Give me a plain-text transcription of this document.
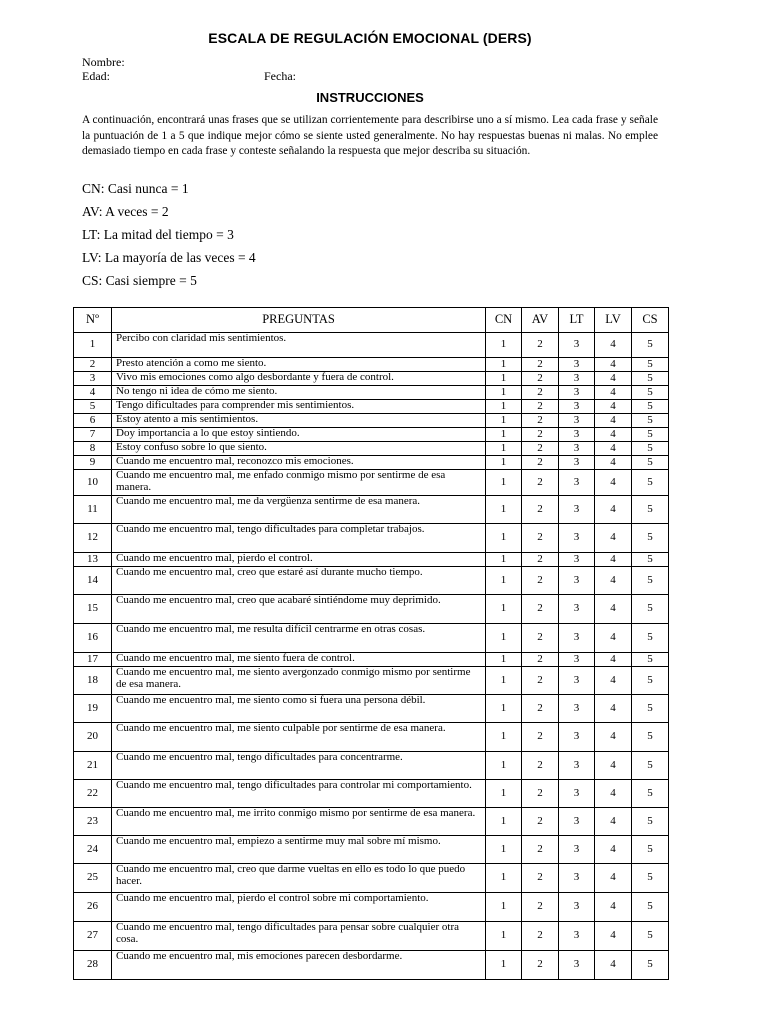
ESCALA DE REGULACIÓN EMOCIONAL (DERS)
Nombre:
Edad:	Fecha:
INSTRUCCIONES

A continuación, encontrará unas frases que se utilizan corrientemente para describirse uno a sí mismo. Lea cada frase y señale la puntuación de 1 a 5 que indique mejor cómo se siente usted generalmente. No hay respuestas buenas ni malas. No emplee demasiado tiempo en cada frase y conteste señalando la respuesta que mejor describa su situación.

CN: Casi nunca = 1
AV: A veces = 2
LT: La mitad del tiempo = 3
LV: La mayoría de las veces = 4
CS: Casi siempre = 5
Nº	PREGUNTAS	CN	AV	LT	LV	CS
1	Percibo con claridad mis sentimientos.	1	2	3	4	5
2	Presto atención a como me siento.	1	2	3	4	5
3	Vivo mis emociones como algo desbordante y fuera de control.	1	2	3	4	5
4	No tengo ni idea de cómo me siento.	1	2	3	4	5
5	Tengo dificultades para comprender mis sentimientos.	1	2	3	4	5
6	Estoy atento a mis sentimientos.	1	2	3	4	5
7	Doy importancia a lo que estoy sintiendo.	1	2	3	4	5
8	Estoy confuso sobre lo que siento.	1	2	3	4	5
9	Cuando me encuentro mal, reconozco mis emociones.	1	2	3	4	5
10	Cuando me encuentro mal, me enfado conmigo mismo por sentirme de esa manera.	1	2	3	4	5
11	Cuando me encuentro mal, me da vergüenza sentirme de esa manera.	1	2	3	4	5
12	Cuando me encuentro mal, tengo dificultades para completar trabajos.	1	2	3	4	5
13	Cuando me encuentro mal, pierdo el control.	1	2	3	4	5
14	Cuando me encuentro mal, creo que estaré así durante mucho tiempo.	1	2	3	4	5
15	Cuando me encuentro mal, creo que acabaré sintiéndome muy deprimido.	1	2	3	4	5
16	Cuando me encuentro mal, me resulta difícil centrarme en otras cosas.	1	2	3	4	5
17	Cuando me encuentro mal, me siento fuera de control.	1	2	3	4	5
18	Cuando me encuentro mal, me siento avergonzado conmigo mismo por sentirme de esa manera.	1	2	3	4	5
19	Cuando me encuentro mal, me siento como si fuera una persona débil.	1	2	3	4	5
20	Cuando me encuentro mal, me siento culpable por sentirme de esa manera.	1	2	3	4	5
21	Cuando me encuentro mal, tengo dificultades para concentrarme.	1	2	3	4	5
22	Cuando me encuentro mal, tengo dificultades para controlar mi comportamiento.	1	2	3	4	5
23	Cuando me encuentro mal, me irrito conmigo mismo por sentirme de esa manera.	1	2	3	4	5
24	Cuando me encuentro mal, empiezo a sentirme muy mal sobre mí mismo.	1	2	3	4	5
25	Cuando me encuentro mal, creo que darme vueltas en ello es todo lo que puedo hacer.	1	2	3	4	5
26	Cuando me encuentro mal, pierdo el control sobre mi comportamiento.	1	2	3	4	5
27	Cuando me encuentro mal, tengo dificultades para pensar sobre cualquier otra cosa.	1	2	3	4	5
28	Cuando me encuentro mal, mis emociones parecen desbordarme.	1	2	3	4	5
